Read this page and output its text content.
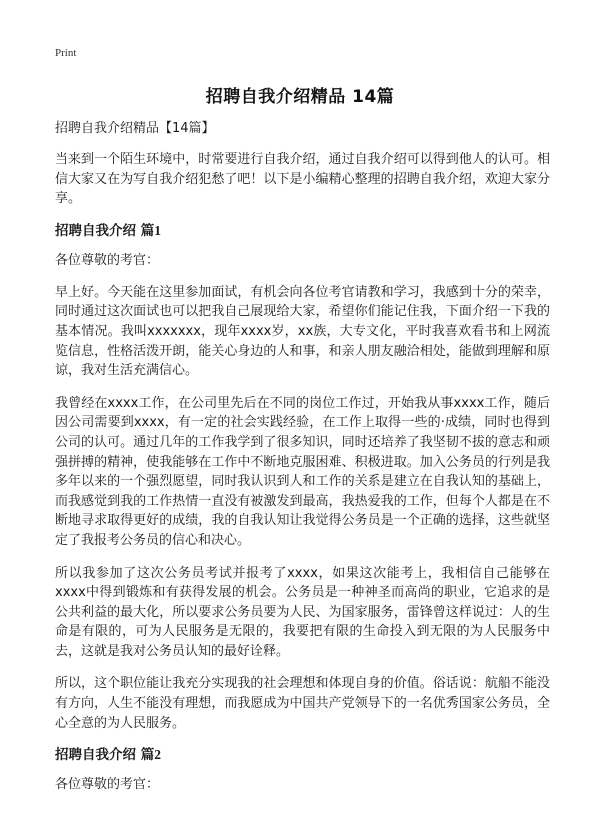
Print
招聘自我介绍精品 14篇
招聘自我介绍精品【14篇】
当来到一个陌生环境中，时常要进行自我介绍，通过自我介绍可以得到他人的认可。相信大家又在为写自我介绍犯愁了吧！以下是小编精心整理的招聘自我介绍，欢迎大家分享。
招聘自我介绍 篇1
各位尊敬的考官：
早上好。今天能在这里参加面试，有机会向各位考官请教和学习，我感到十分的荣幸，同时通过这次面试也可以把我自己展现给大家，希望你们能记住我，下面介绍一下我的基本情况。我叫xxxxxxx，现年xxxx岁，xx族，大专文化，平时我喜欢看书和上网流览信息，性格活泼开朗，能关心身边的人和事，和亲人朋友融洽相处，能做到理解和原谅，我对生活充满信心。
我曾经在xxxx工作，在公司里先后在不同的岗位工作过，开始我从事xxxx工作，随后因公司需要到xxxx，有一定的社会实践经验，在工作上取得一些的·成绩，同时也得到公司的认可。通过几年的工作我学到了很多知识，同时还培养了我坚韧不拔的意志和顽强拼搏的精神，使我能够在工作中不断地克服困难、积极进取。加入公务员的行列是我多年以来的一个强烈愿望，同时我认识到人和工作的关系是建立在自我认知的基础上，而我感觉到我的工作热情一直没有被激发到最高，我热爱我的工作，但每个人都是在不断地寻求取得更好的成绩，我的自我认知让我觉得公务员是一个正确的选择，这些就坚定了我报考公务员的信心和决心。
所以我参加了这次公务员考试并报考了xxxx，如果这次能考上，我相信自己能够在xxxx中得到锻炼和有获得发展的机会。公务员是一种神圣而高尚的职业，它追求的是公共利益的最大化，所以要求公务员要为人民、为国家服务，雷锋曾这样说过：人的生命是有限的，可为人民服务是无限的，我要把有限的生命投入到无限的为人民服务中去，这就是我对公务员认知的最好诠释。
所以，这个职位能让我充分实现我的社会理想和体现自身的价值。俗话说：航船不能没有方向，人生不能没有理想，而我愿成为中国共产党领导下的一名优秀国家公务员，全心全意的为人民服务。
招聘自我介绍 篇2
各位尊敬的考官：
